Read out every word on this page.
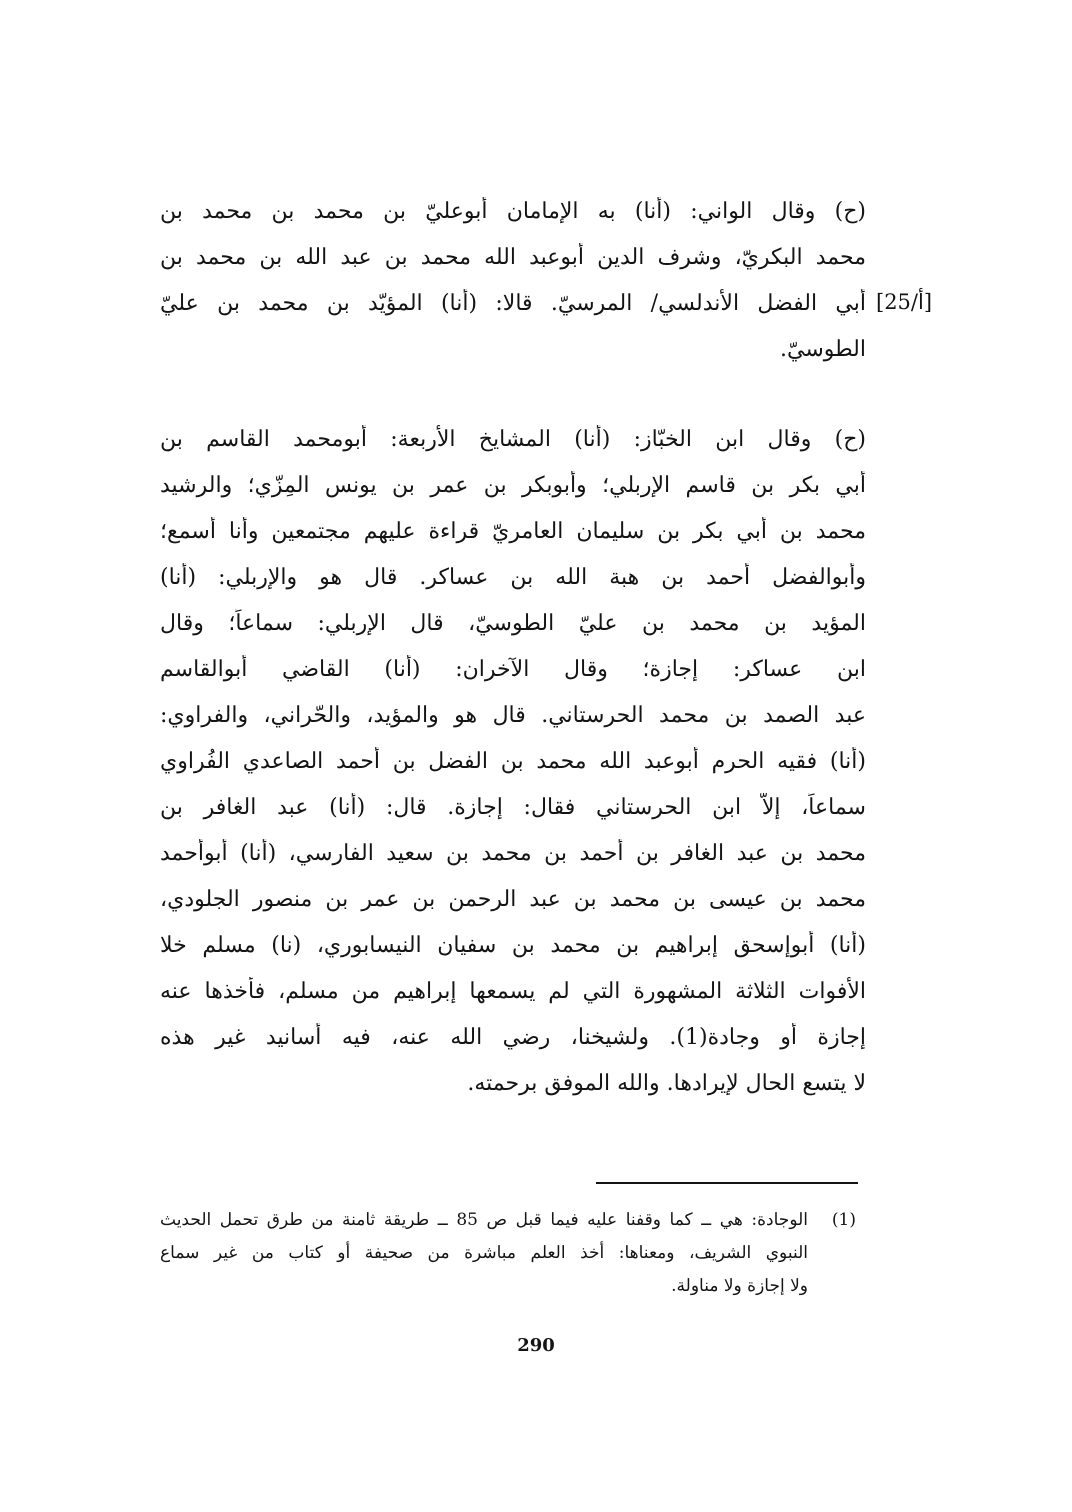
(ح) وقال الواني: (أنا) به الإمامان أبوعليّ بن محمد بن محمد بن
محمد البكريّ، وشرف الدين أبوعبد الله محمد بن عبد الله بن محمد بن
أبي الفضل الأندلسي/ المرسيّ. قالا: (أنا) المؤيّد بن محمد بن عليّ
الطوسيّ.
[25/أ]
(ح) وقال ابن الخبّاز: (أنا) المشايخ الأربعة: أبومحمد القاسم بن
أبي بكر بن قاسم الإربلي؛ وأبوبكر بن عمر بن يونس المِزّي؛ والرشيد
محمد بن أبي بكر بن سليمان العامريّ قراءة عليهم مجتمعين وأنا أسمع؛
وأبوالفضل أحمد بن هبة الله بن عساكر. قال هو والإربلي: (أنا)
المؤيد بن محمد بن عليّ الطوسيّ، قال الإربلي: سماعاً؛ وقال
ابن عساكر: إجازة؛ وقال الآخران: (أنا) القاضي أبوالقاسم
عبد الصمد بن محمد الحرستاني. قال هو والمؤيد، والحّراني، والفراوي:
(أنا) فقيه الحرم أبوعبد الله محمد بن الفضل بن أحمد الصاعدي الفُراوي
سماعاً، إلاّ ابن الحرستاني فقال: إجازة. قال: (أنا) عبد الغافر بن
محمد بن عبد الغافر بن أحمد بن محمد بن سعيد الفارسي، (أنا) أبوأحمد
محمد بن عيسى بن محمد بن عبد الرحمن بن عمر بن منصور الجلودي،
(أنا) أبوإسحق إبراهيم بن محمد بن سفيان النيسابوري، (نا) مسلم خلا
الأفوات الثلاثة المشهورة التي لم يسمعها إبراهيم من مسلم، فأخذها عنه
إجازة أو وجادة(1). ولشيخنا، رضي الله عنه، فيه أسانيد غير هذه
لا يتسع الحال لإيرادها. والله الموفق برحمته.
(1)
الوجادة: هي ــ كما وقفنا عليه فيما قبل ص 85 ــ طريقة ثامنة من طرق تحمل الحديث
النبوي الشريف، ومعناها: أخذ العلم مباشرة من صحيفة أو كتاب من غير سماع
ولا إجازة ولا مناولة.
290
